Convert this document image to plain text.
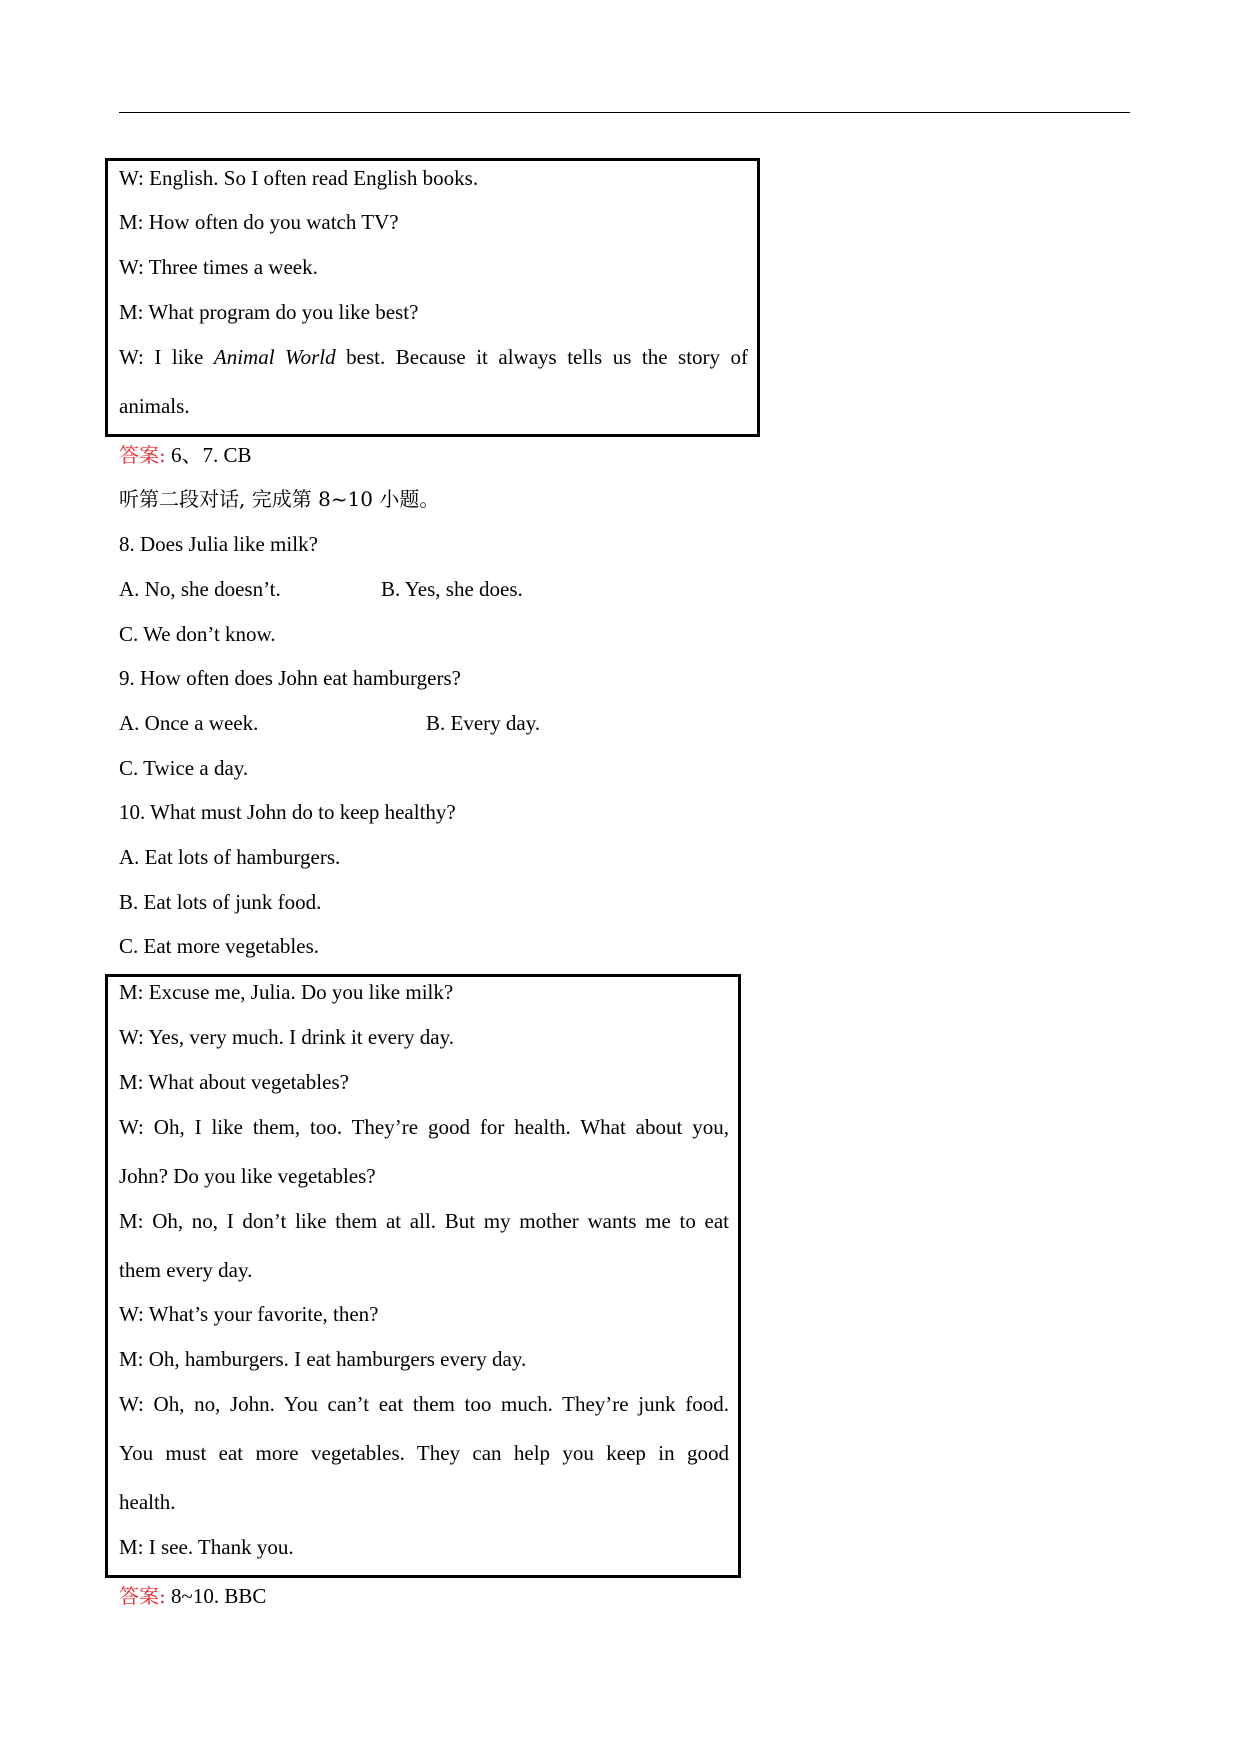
W: English. So I often read English books.
M: How often do you watch TV?
W: Three times a week.
M: What program do you like best?
W: I like Animal World best. Because it always tells us the story of
animals.
答案: 6、7. CB
听第二段对话, 完成第 8~10 小题。
8. Does Julia like milk?
A. No, she doesn’t.	B. Yes, she does.
C. We don’t know.
9. How often does John eat hamburgers?
A. Once a week.	B. Every day.
C. Twice a day.
10. What must John do to keep healthy?
A. Eat lots of hamburgers.
B. Eat lots of junk food.
C. Eat more vegetables.
M: Excuse me, Julia. Do you like milk?
W: Yes, very much. I drink it every day.
M: What about vegetables?
W: Oh, I like them, too. They’re good for health. What about you,
John? Do you like vegetables?
M: Oh, no, I don’t like them at all. But my mother wants me to eat
them every day.
W: What’s your favorite, then?
M: Oh, hamburgers. I eat hamburgers every day.
W: Oh, no, John. You can’t eat them too much. They’re junk food.
You must eat more vegetables. They can help you keep in good
health.
M: I see. Thank you.
答案: 8~10. BBC
